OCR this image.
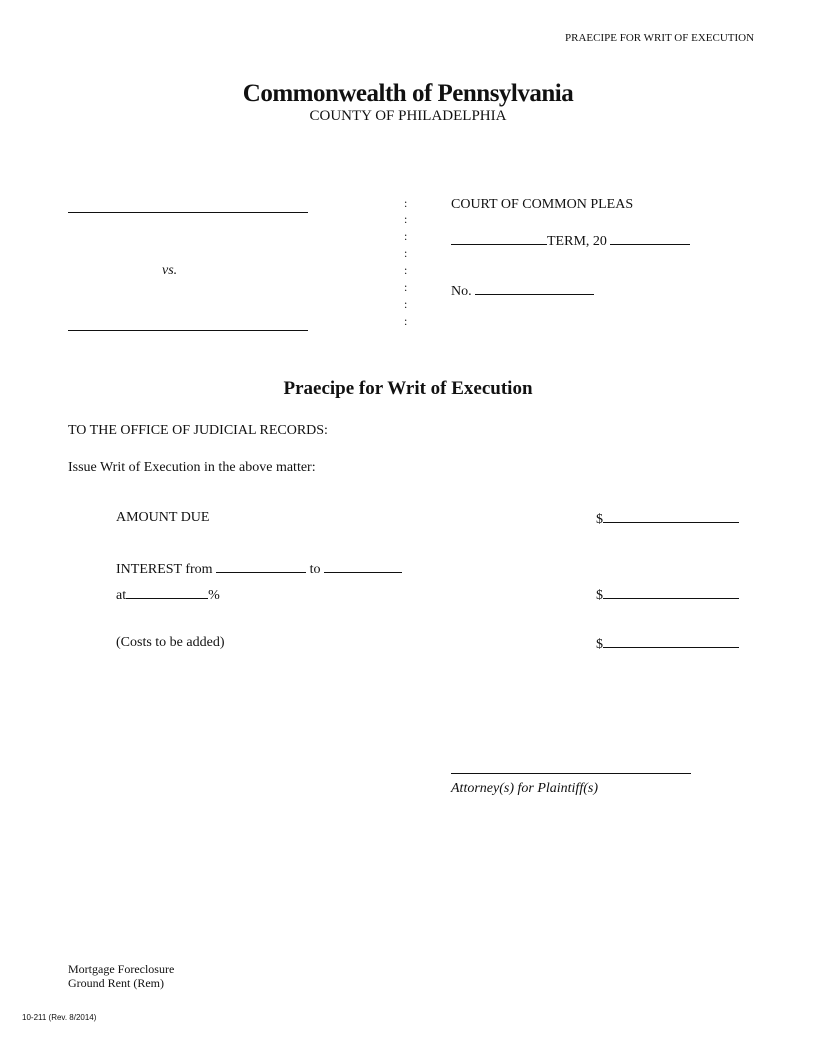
PRAECIPE FOR WRIT OF EXECUTION
Commonwealth of Pennsylvania
COUNTY OF PHILADELPHIA
vs.
:
:
:
:
:
:
:
:
COURT OF COMMON PLEAS
TERM, 20
No.
Praecipe for Writ of Execution
TO THE OFFICE OF JUDICIAL RECORDS:
Issue Writ of Execution in the above matter:
AMOUNT DUE	$
INTEREST from	to
at	%	$
(Costs to be added)	$
Attorney(s) for Plaintiff(s)
Mortgage Foreclosure
Ground Rent (Rem)
10-211 (Rev. 8/2014)
